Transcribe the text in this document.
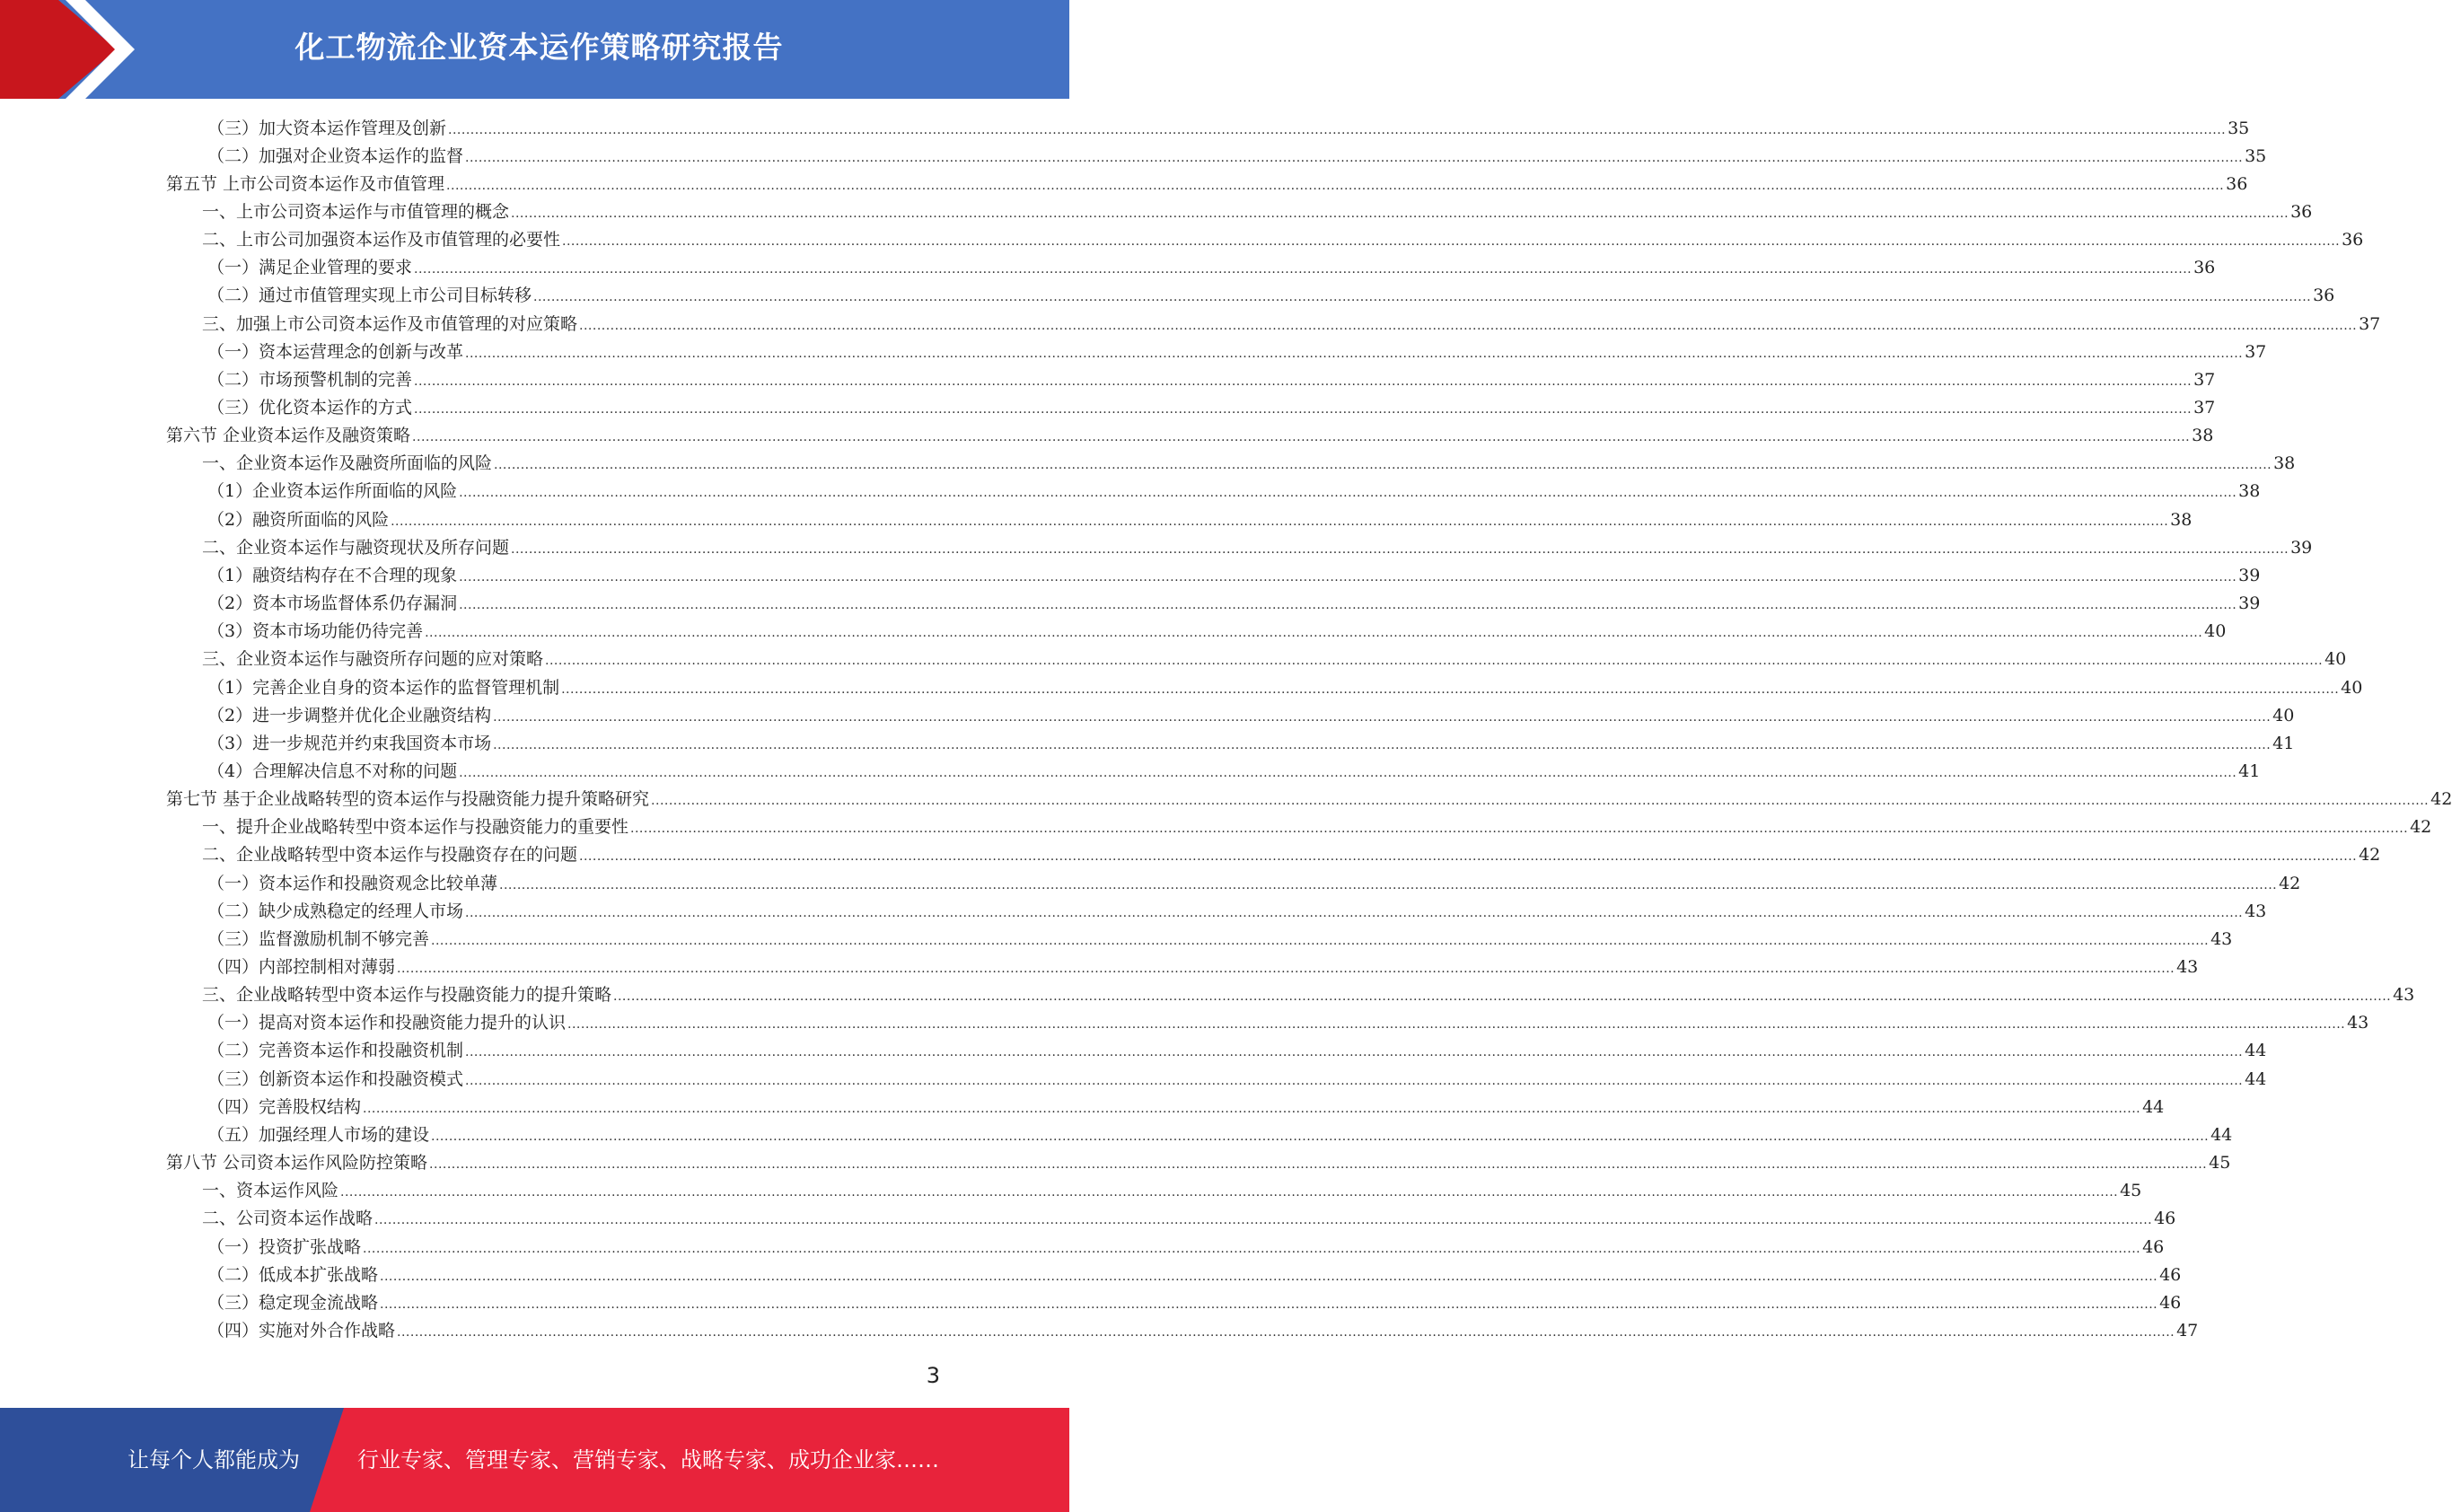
化工物流企业资本运作策略研究报告
（三）加大资本运作管理及创新 ................................................................................................................................................................................................................................................................................................................................................................................................................ 35
（二）加强对企业资本运作的监督 ................................................................................................................................................................................................................................................................................................................................................................................................................ 35
第五节 上市公司资本运作及市值管理 ................................................................................................................................................................................................................................................................................................................................................................................................................ 36
一、上市公司资本运作与市值管理的概念 ................................................................................................................................................................................................................................................................................................................................................................................................................ 36
二、上市公司加强资本运作及市值管理的必要性 ................................................................................................................................................................................................................................................................................................................................................................................................................ 36
（一）满足企业管理的要求 ................................................................................................................................................................................................................................................................................................................................................................................................................ 36
（二）通过市值管理实现上市公司目标转移 ................................................................................................................................................................................................................................................................................................................................................................................................................ 36
三、加强上市公司资本运作及市值管理的对应策略 ................................................................................................................................................................................................................................................................................................................................................................................................................ 37
（一）资本运营理念的创新与改革 ................................................................................................................................................................................................................................................................................................................................................................................................................ 37
（二）市场预警机制的完善 ................................................................................................................................................................................................................................................................................................................................................................................................................ 37
（三）优化资本运作的方式 ................................................................................................................................................................................................................................................................................................................................................................................................................ 37
第六节 企业资本运作及融资策略 ................................................................................................................................................................................................................................................................................................................................................................................................................ 38
一、企业资本运作及融资所面临的风险 ................................................................................................................................................................................................................................................................................................................................................................................................................ 38
（1）企业资本运作所面临的风险 ................................................................................................................................................................................................................................................................................................................................................................................................................ 38
（2）融资所面临的风险 ................................................................................................................................................................................................................................................................................................................................................................................................................ 38
二、企业资本运作与融资现状及所存问题 ................................................................................................................................................................................................................................................................................................................................................................................................................ 39
（1）融资结构存在不合理的现象 ................................................................................................................................................................................................................................................................................................................................................................................................................ 39
（2）资本市场监督体系仍存漏洞 ................................................................................................................................................................................................................................................................................................................................................................................................................ 39
（3）资本市场功能仍待完善 ................................................................................................................................................................................................................................................................................................................................................................................................................ 40
三、企业资本运作与融资所存问题的应对策略 ................................................................................................................................................................................................................................................................................................................................................................................................................ 40
（1）完善企业自身的资本运作的监督管理机制 ................................................................................................................................................................................................................................................................................................................................................................................................................ 40
（2）进一步调整并优化企业融资结构 ................................................................................................................................................................................................................................................................................................................................................................................................................ 40
（3）进一步规范并约束我国资本市场 ................................................................................................................................................................................................................................................................................................................................................................................................................ 41
（4）合理解决信息不对称的问题 ................................................................................................................................................................................................................................................................................................................................................................................................................ 41
第七节 基于企业战略转型的资本运作与投融资能力提升策略研究 ................................................................................................................................................................................................................................................................................................................................................................................................................ 42
一、提升企业战略转型中资本运作与投融资能力的重要性 ................................................................................................................................................................................................................................................................................................................................................................................................................ 42
二、企业战略转型中资本运作与投融资存在的问题 ................................................................................................................................................................................................................................................................................................................................................................................................................ 42
（一）资本运作和投融资观念比较单薄 ................................................................................................................................................................................................................................................................................................................................................................................................................ 42
（二）缺少成熟稳定的经理人市场 ................................................................................................................................................................................................................................................................................................................................................................................................................ 43
（三）监督激励机制不够完善 ................................................................................................................................................................................................................................................................................................................................................................................................................ 43
（四）内部控制相对薄弱 ................................................................................................................................................................................................................................................................................................................................................................................................................ 43
三、企业战略转型中资本运作与投融资能力的提升策略 ................................................................................................................................................................................................................................................................................................................................................................................................................ 43
（一）提高对资本运作和投融资能力提升的认识 ................................................................................................................................................................................................................................................................................................................................................................................................................ 43
（二）完善资本运作和投融资机制 ................................................................................................................................................................................................................................................................................................................................................................................................................ 44
（三）创新资本运作和投融资模式 ................................................................................................................................................................................................................................................................................................................................................................................................................ 44
（四）完善股权结构 ................................................................................................................................................................................................................................................................................................................................................................................................................ 44
（五）加强经理人市场的建设 ................................................................................................................................................................................................................................................................................................................................................................................................................ 44
第八节 公司资本运作风险防控策略 ................................................................................................................................................................................................................................................................................................................................................................................................................ 45
一、资本运作风险 ................................................................................................................................................................................................................................................................................................................................................................................................................ 45
二、公司资本运作战略 ................................................................................................................................................................................................................................................................................................................................................................................................................ 46
（一）投资扩张战略 ................................................................................................................................................................................................................................................................................................................................................................................................................ 46
（二）低成本扩张战略 ................................................................................................................................................................................................................................................................................................................................................................................................................ 46
（三）稳定现金流战略 ................................................................................................................................................................................................................................................................................................................................................................................................................ 46
（四）实施对外合作战略 ................................................................................................................................................................................................................................................................................................................................................................................................................ 47
3
让每个人都能成为	行业专家、管理专家、营销专家、战略专家、成功企业家……
